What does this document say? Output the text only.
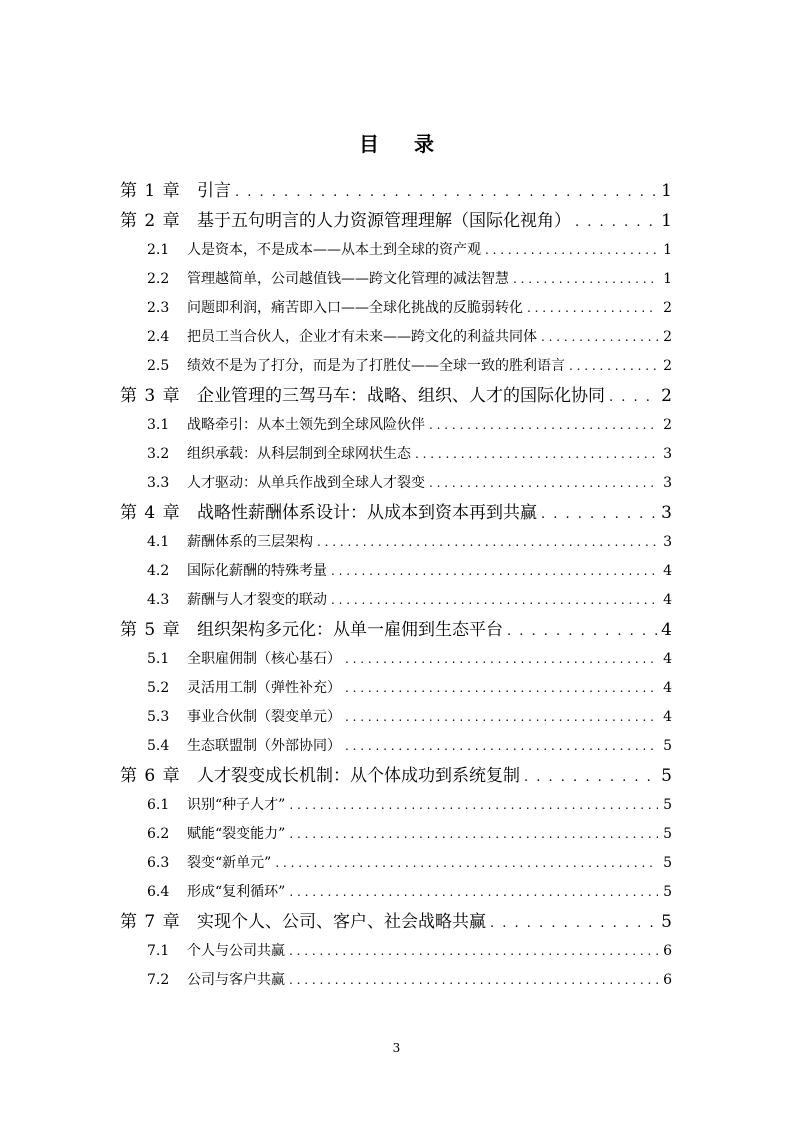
目 录
第 1 章 引言 . . .	1
第 2 章 基于五句明言的人力资源管理理解（国际化视角） . . .	1
2.1	人是资本，不是成本——从本土到全球的资产观 . . .	1
2.2	管理越简单，公司越值钱——跨文化管理的减法智慧 . . .	1
2.3	问题即利润，痛苦即入口——全球化挑战的反脆弱转化 . . .	2
2.4	把员工当合伙人，企业才有未来——跨文化的利益共同体 . . .	2
2.5	绩效不是为了打分，而是为了打胜仗——全球一致的胜利语言 . . .	2
第 3 章 企业管理的三驾马车：战略、组织、人才的国际化协同 . . .	2
3.1	战略牵引：从本土领先到全球风险伙伴 . . .	2
3.2	组织承载：从科层制到全球网状生态 . . .	3
3.3	人才驱动：从单兵作战到全球人才裂变 . . .	3
第 4 章 战略性薪酬体系设计：从成本到资本再到共赢 . . .	3
4.1	薪酬体系的三层架构 . . .	3
4.2	国际化薪酬的特殊考量 . . .	4
4.3	薪酬与人才裂变的联动 . . .	4
第 5 章 组织架构多元化：从单一雇佣到生态平台 . . .	4
5.1	全职雇佣制（核心基石） . . .	4
5.2	灵活用工制（弹性补充） . . .	4
5.3	事业合伙制（裂变单元） . . .	4
5.4	生态联盟制（外部协同） . . .	5
第 6 章 人才裂变成长机制：从个体成功到系统复制 . . .	5
6.1	识别“种子人才” . . .	5
6.2	赋能“裂变能力” . . .	5
6.3	裂变“新单元” . . .	5
6.4	形成“复利循环” . . .	5
第 7 章 实现个人、公司、客户、社会战略共赢 . . .	5
7.1	个人与公司共赢 . . .	6
7.2	公司与客户共赢 . . .	6
3
